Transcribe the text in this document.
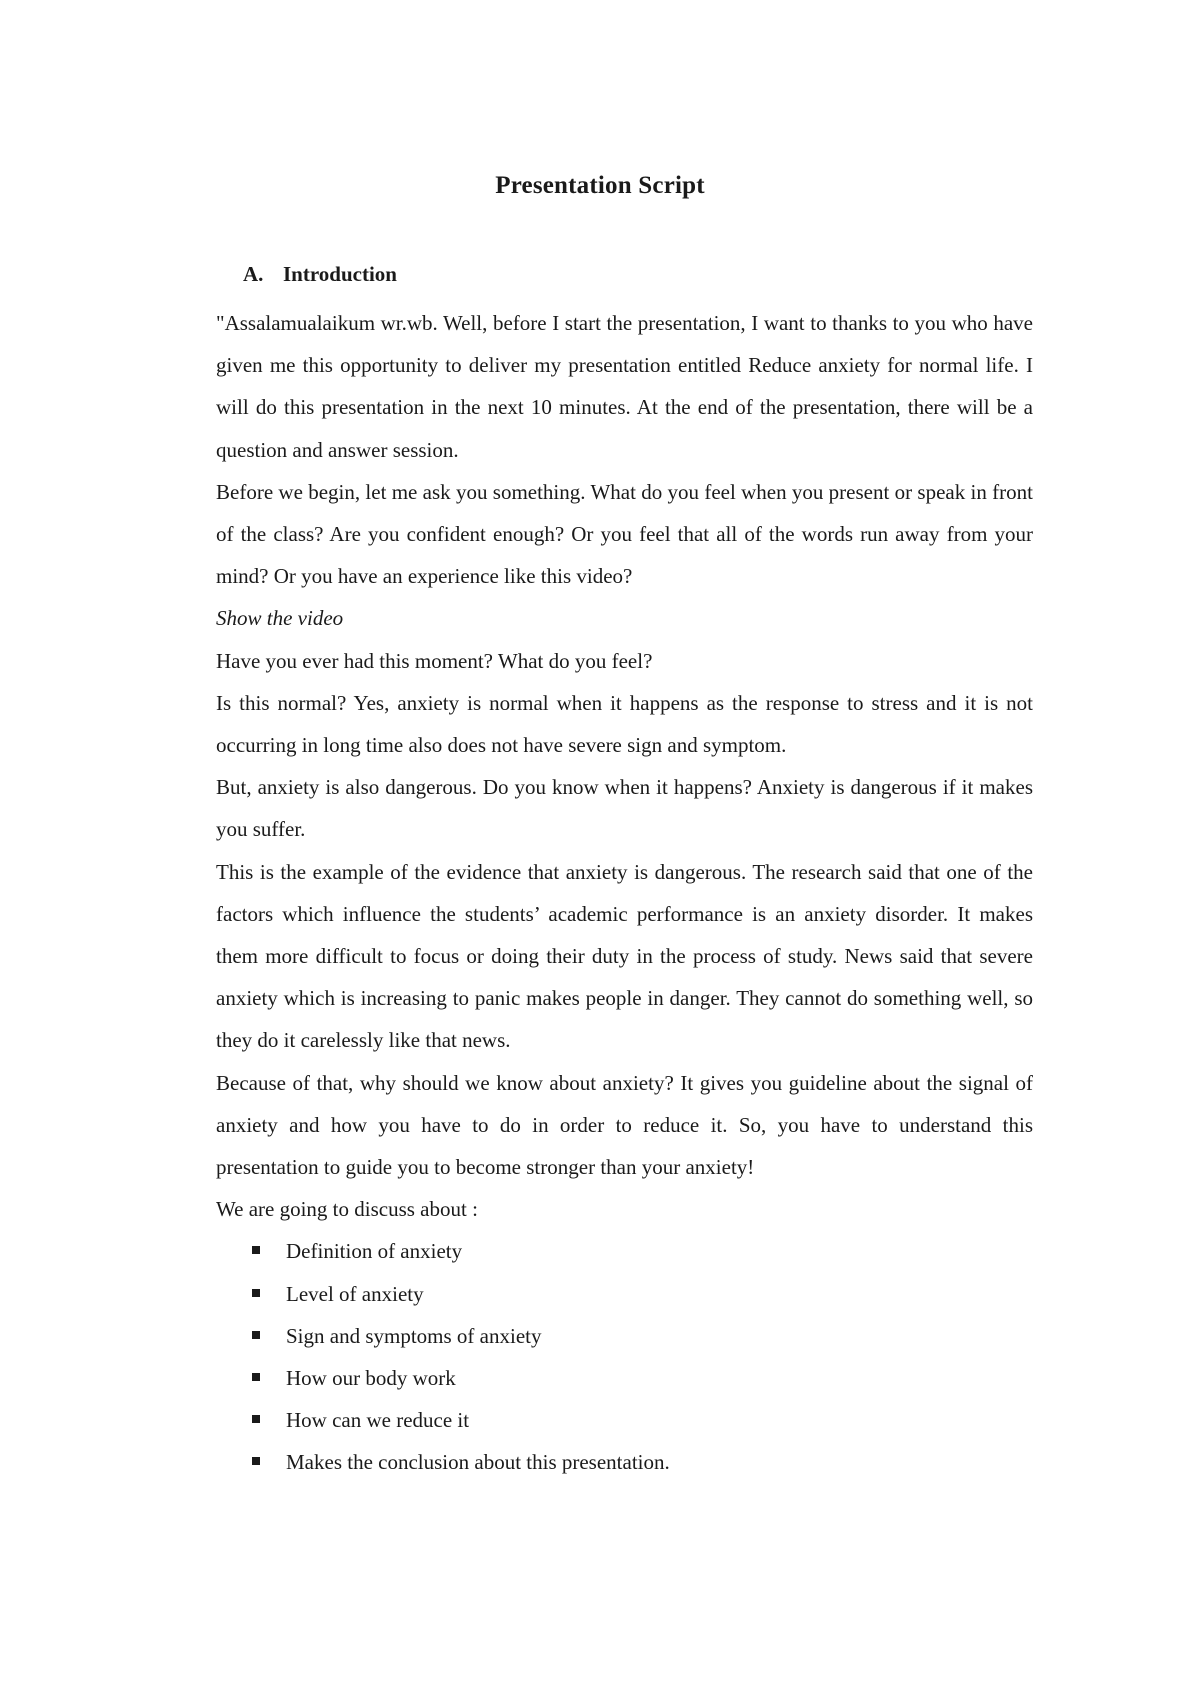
Presentation Script
A. Introduction

"Assalamualaikum wr.wb. Well, before I start the presentation, I want to thanks to you who have given me this opportunity to deliver my presentation entitled Reduce anxiety for normal life. I will do this presentation in the next 10 minutes. At the end of the presentation, there will be a question and answer session.

Before we begin, let me ask you something. What do you feel when you present or speak in front of the class? Are you confident enough? Or you feel that all of the words run away from your mind? Or you have an experience like this video?

Show the video

Have you ever had this moment? What do you feel?

Is this normal? Yes, anxiety is normal when it happens as the response to stress and it is not occurring in long time also does not have severe sign and symptom.

But, anxiety is also dangerous. Do you know when it happens? Anxiety is dangerous if it makes you suffer.

This is the example of the evidence that anxiety is dangerous. The research said that one of the factors which influence the students’ academic performance is an anxiety disorder. It makes them more difficult to focus or doing their duty in the process of study. News said that severe anxiety which is increasing to panic makes people in danger. They cannot do something well, so they do it carelessly like that news.

Because of that, why should we know about anxiety? It gives you guideline about the signal of anxiety and how you have to do in order to reduce it. So, you have to understand this presentation to guide you to become stronger than your anxiety!

We are going to discuss about :

Definition of anxiety
Level of anxiety
Sign and symptoms of anxiety
How our body work
How can we reduce it
Makes the conclusion about this presentation.
